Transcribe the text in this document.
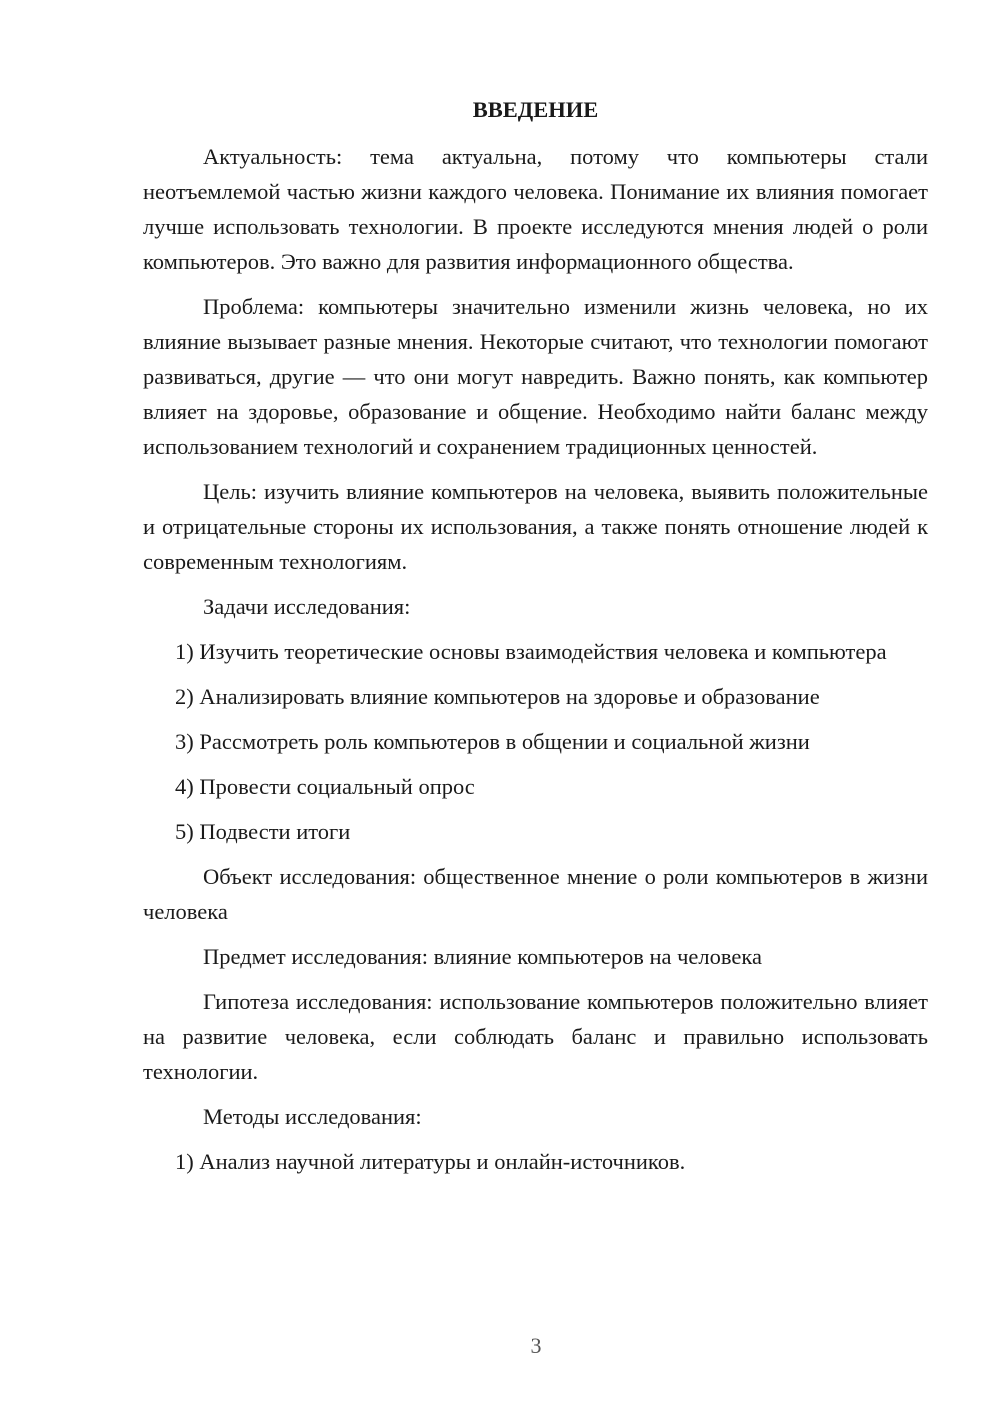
ВВЕДЕНИЕ

Актуальность: тема актуальна, потому что компьютеры стали неотъемлемой частью жизни каждого человека. Понимание их влияния помогает лучше использовать технологии. В проекте исследуются мнения людей о роли компьютеров. Это важно для развития информационного общества.

Проблема: компьютеры значительно изменили жизнь человека, но их влияние вызывает разные мнения. Некоторые считают, что технологии помогают развиваться, другие — что они могут навредить. Важно понять, как компьютер влияет на здоровье, образование и общение. Необходимо найти баланс между использованием технологий и сохранением традиционных ценностей.

Цель: изучить влияние компьютеров на человека, выявить положительные и отрицательные стороны их использования, а также понять отношение людей к современным технологиям.

Задачи исследования:

1) Изучить теоретические основы взаимодействия человека и компьютера

2) Анализировать влияние компьютеров на здоровье и образование

3) Рассмотреть роль компьютеров в общении и социальной жизни

4) Провести социальный опрос

5) Подвести итоги

Объект исследования: общественное мнение о роли компьютеров в жизни человека

Предмет исследования: влияние компьютеров на человека

Гипотеза исследования: использование компьютеров положительно влияет на развитие человека, если соблюдать баланс и правильно использовать технологии.

Методы исследования:

1) Анализ научной литературы и онлайн-источников.

3
